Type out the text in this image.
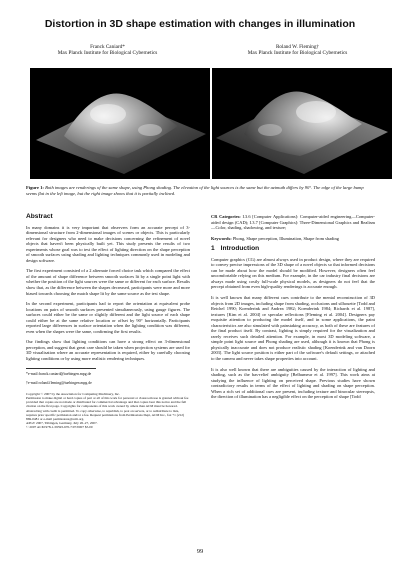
Distortion in 3D shape estimation with changes in illumination
Franck Caniard*
Max Planck Institute for Biological Cybernetics
Roland W. Fleming†
Max Planck Institute for Biological Cybernetics
Figure 1: Both images are renderings of the same shape, using Phong shading. The elevation of the light sources is the same but the azimuth differs by 90°. The edge of the large bump seems flat in the left image, but the right image shows that it is partially inclined.
Abstract

In many domains it is very important that observers form an accurate percept of 3-dimensional structure from 2-dimensional images of scenes or objects. This is particularly relevant for designers who need to make decisions concerning the refinement of novel objects that haven't been physically built yet. This study presents the results of two experiments whose goal was to test the effect of lighting direction on the shape perception of smooth surfaces using shading and lighting techniques commonly used in modeling and design software.

The first experiment consisted of a 2 alternate forced choice task which compared the effect of the amount of shape difference between smooth surfaces lit by a single point light with whether the position of the light sources were the same or different for each surface. Results show that, as the difference between the shapes decreased, participants were more and more biased towards choosing the match shape lit by the same source as the test shape.

In the second experiment, participants had to report the orientation at equivalent probe locations on pairs of smooth surfaces presented simultaneously, using gauge figures. The surfaces could either be the same or slightly different and the light source of each shape could either be at the same relative location or offset by 90° horizontally. Participants reported large differences in surface orientation when the lighting condition was different, even when the shapes were the same, confirming the first results.

Our findings show that lighting conditions can have a strong effect on 3-dimensional perception, and suggest that great care should be taken when projection systems are used for 3D visualisation where an accurate representation is required, either by carefully choosing lighting conditions or by using more realistic rendering techniques.

*e-mail:franck.caniard@tuebingen.mpg.de

†e-mail:roland.fleming@tuebingen.mpg.de

Copyright © 2007 by the Association for Computing Machinery, Inc.
Permission to make digital or hard copies of part or all of this work for personal or classroom use is granted without fee provided that copies are not made or distributed for commercial advantage and that copies bear this notice and the full citation on the first page. Copyrights for components of this work owned by others than ACM must be honored. Abstracting with credit is permitted. To copy otherwise, to republish, to post on servers, or to redistribute to lists, requires prior specific permission and/or a fee. Request permissions from Permissions Dept, ACM Inc., fax +1 (212) 869-0481 or e-mail permissions@acm.org.
APGV 2007, Tübingen, Germany, July 26–27, 2007.
© 2007 ACM 978-1-59593-670-7/07/0007 $5.00

CR Categories: I.3.6 [Computer Applications]: Computer-aided engineering—Computer-aided design (CAD); I.3.7 [Computer Graphics]: Three-Dimensional Graphics and Realism—Color, shading, shadowing, and texture;

Keywords: Phong, Shape perception, Illumination, Shape from shading

1 Introduction

Computer graphics (CG) are almost always used in product design, where they are required to convey precise impressions of the 3D shape of a novel objects so that informed decisions can be made about how the model should be modified. However, designers often feel uncomfortable relying on this medium. For example, in the car industry final decisions are always made using costly full-scale physical models, as designers do not feel that the percept obtained from even high-quality renderings is accurate enough.

It is well known that many different cues contribute to the mental reconstruction of 3D objects from 2D images, including shape from shading, occlusions and silhouette [Todd and Reichel 1990; Koenderink and Andrea 1982; Koenderink 1984; Richards et al. 1987], textures [Kim et al. 2004] or specular reflections [Fleming et al. 2004]. Designers pay exquisite attention to producing the model itself, and in some applications, the paint characteristics are also simulated with painstaking accuracy, as both of these are features of the final product itself. By contrast, lighting is simply required for the visualization and rarely receives such detailed attention. For example, in most 3D modeling software, a simple point light source and Phong shading are used, although it is known that Phong is physically inaccurate and does not produce realistic shading [Koenderink and van Doorn 2003]. The light source position is either part of the software's default settings, or attached to the camera and never takes shape properties into account.

It is also well known that there are ambiguities caused by the interaction of lighting and shading, such as the bas-relief ambiguity [Belhumeur et al. 1997]. This work aims at studying the influence of lighting on perceived shape. Previous studies have shown contradictory results in terms of the effect of lighting and shading on shape perception. When a rich set of additional cues are present, including texture and binocular stereopsis, the direction of illumination has a negligible effect on the perception of shape [Todd

99
